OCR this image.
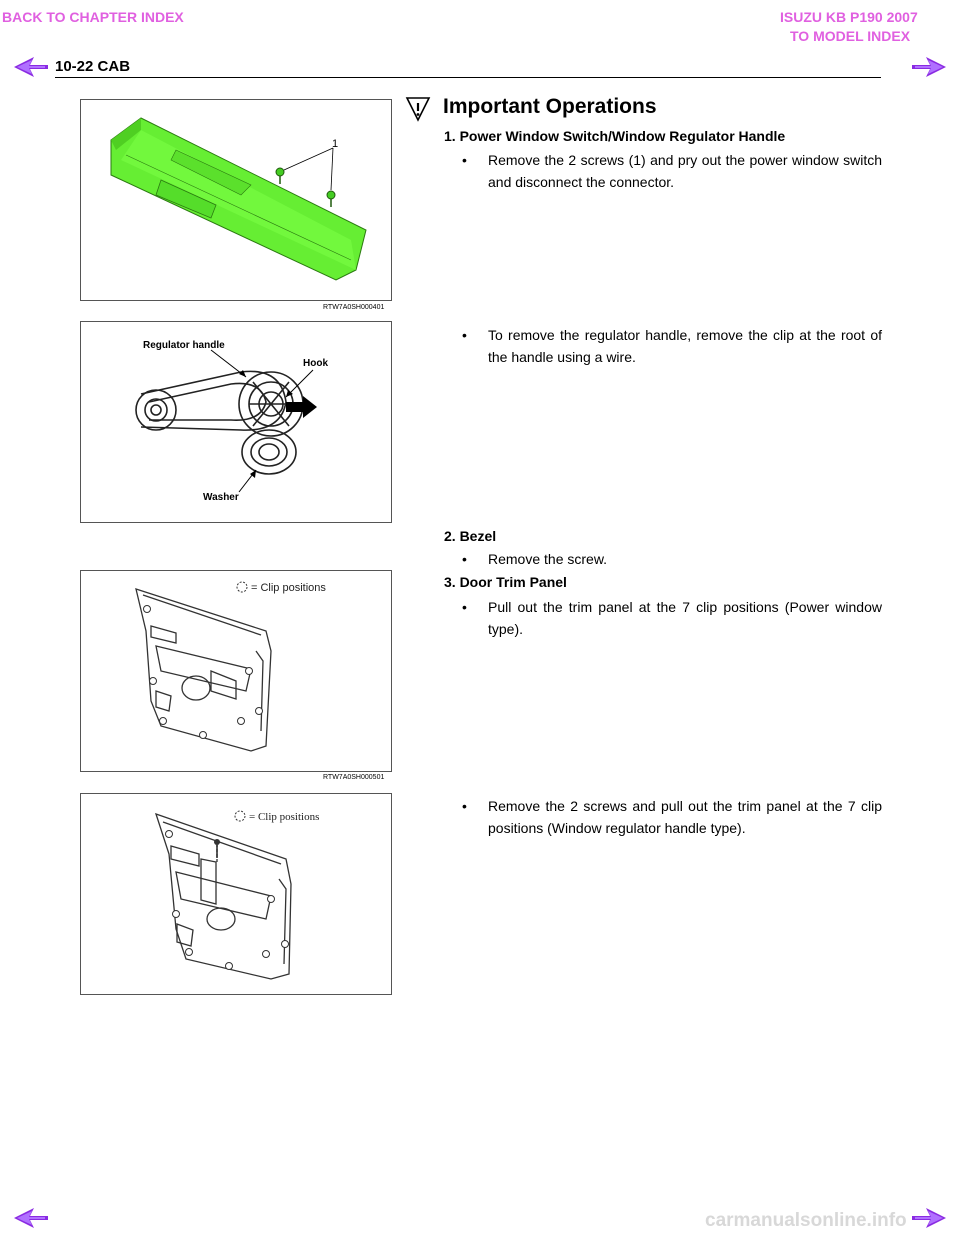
BACK TO CHAPTER INDEX	ISUZU KB P190 2007
TO MODEL INDEX
10-22 CAB
Important Operations
1. Power Window Switch/Window Regulator Handle
• Remove the 2 screws (1) and pry out the power window switch and disconnect the connector.
• To remove the regulator handle, remove the clip at the root of the handle using a wire.
2. Bezel
• Remove the screw.
3. Door Trim Panel
• Pull out the trim panel at the 7 clip positions (Power window type).
• Remove the 2 screws and pull out the trim panel at the 7 clip positions (Window regulator handle type).
1
RTW7A0SH000401
Regulator handle
Hook
Washer
= Clip positions
RTW7A0SH000501
= Clip positions
carmanualsonline.info
